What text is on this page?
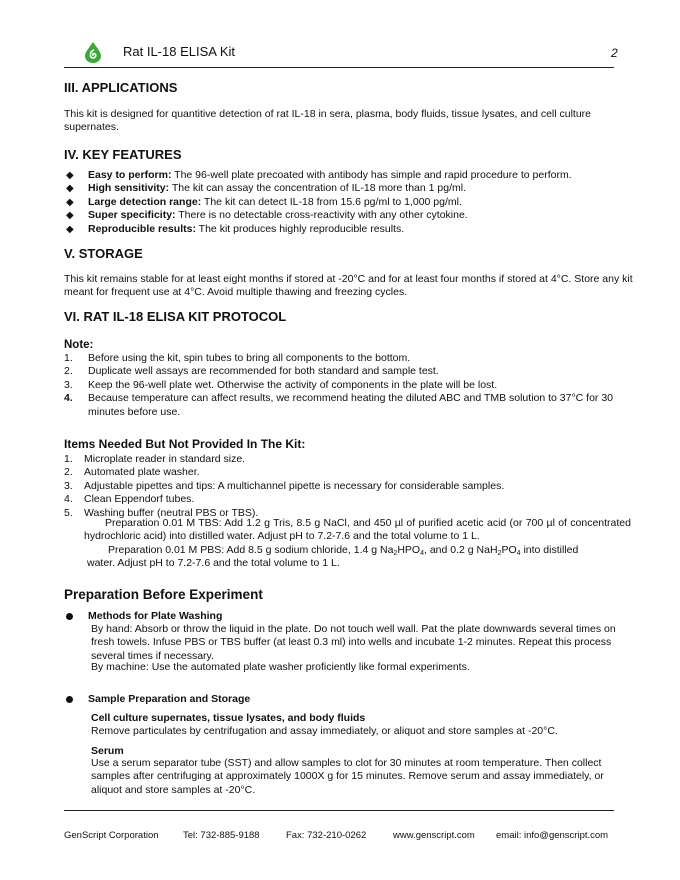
Rat IL-18 ELISA Kit	2
III. APPLICATIONS

This kit is designed for quantitive detection of rat IL-18 in sera, plasma, body fluids, tissue lysates, and cell culture supernates.

IV. KEY FEATURES
◆ Easy to perform: The 96-well plate precoated with antibody has simple and rapid procedure to perform.
◆ High sensitivity: The kit can assay the concentration of IL-18 more than 1 pg/ml.
◆ Large detection range: The kit can detect IL-18 from 15.6 pg/ml to 1,000 pg/ml.
◆ Super specificity: There is no detectable cross-reactivity with any other cytokine.
◆ Reproducible results: The kit produces highly reproducible results.
V. STORAGE

This kit remains stable for at least eight months if stored at -20°C and for at least four months if stored at 4°C. Store any kit meant for frequent use at 4°C. Avoid multiple thawing and freezing cycles.

VI. RAT IL-18 ELISA KIT PROTOCOL
Note:
1. Before using the kit, spin tubes to bring all components to the bottom.
2. Duplicate well assays are recommended for both standard and sample test.
3. Keep the 96-well plate wet. Otherwise the activity of components in the plate will be lost.
4. Because temperature can affect results, we recommend heating the diluted ABC and TMB solution to 37°C for 30 minutes before use.
Items Needed But Not Provided In The Kit:
1. Microplate reader in standard size.
2. Automated plate washer.
3. Adjustable pipettes and tips: A multichannel pipette is necessary for considerable samples.
4. Clean Eppendorf tubes.
5. Washing buffer (neutral PBS or TBS).

Preparation 0.01 M TBS: Add 1.2 g Tris, 8.5 g NaCl, and 450 µl of purified acetic acid (or 700 µl of concentrated hydrochloric acid) into distilled water. Adjust pH to 7.2-7.6 and the total volume to 1 L.

Preparation 0.01 M PBS: Add 8.5 g sodium chloride, 1.4 g $Na_2HPO_4$, and 0.2 g $NaH_2PO_4$ into distilled

water. Adjust pH to 7.2-7.6 and the total volume to 1 L.

Preparation Before Experiment
Methods for Plate Washing
By hand: Absorb or throw the liquid in the plate. Do not touch well wall. Pat the plate downwards several times on fresh towels. Infuse PBS or TBS buffer (at least 0.3 ml) into wells and incubate 1-2 minutes. Repeat this process several times if necessary.
By machine: Use the automated plate washer proficiently like formal experiments.
Sample Preparation and Storage
Cell culture supernates, tissue lysates, and body fluids
Remove particulates by centrifugation and assay immediately, or aliquot and store samples at -20°C.
Serum
Use a serum separator tube (SST) and allow samples to clot for 30 minutes at room temperature. Then collect samples after centrifuging at approximately 1000X g for 15 minutes. Remove serum and assay immediately, or aliquot and store samples at -20°C.
GenScript Corporation	Tel: 732-885-9188	Fax: 732-210-0262	www.genscript.com email: info@genscript.com
